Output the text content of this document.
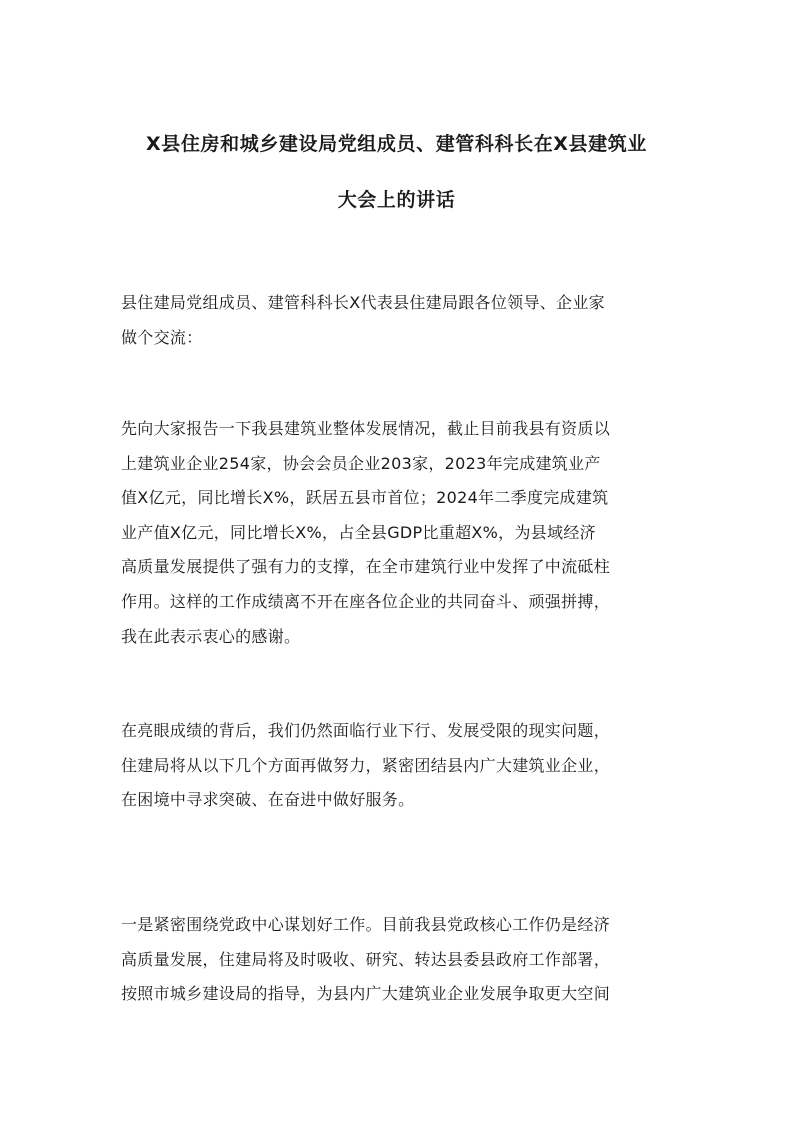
X县住房和城乡建设局党组成员、建管科科长在X县建筑业
大会上的讲话

县住建局党组成员、建管科科长X代表县住建局跟各位领导、企业家
做个交流：

先向大家报告一下我县建筑业整体发展情况，截止目前我县有资质以
上建筑业企业254家，协会会员企业203家，2023年完成建筑业产
值X亿元，同比增长X%，跃居五县市首位；2024年二季度完成建筑
业产值X亿元，同比增长X%，占全县GDP比重超X%，为县域经济
高质量发展提供了强有力的支撑，在全市建筑行业中发挥了中流砥柱
作用。这样的工作成绩离不开在座各位企业的共同奋斗、顽强拼搏，
我在此表示衷心的感谢。

在亮眼成绩的背后，我们仍然面临行业下行、发展受限的现实问题，
住建局将从以下几个方面再做努力，紧密团结县内广大建筑业企业，
在困境中寻求突破、在奋进中做好服务。

一是紧密围绕党政中心谋划好工作。目前我县党政核心工作仍是经济
高质量发展，住建局将及时吸收、研究、转达县委县政府工作部署，
按照市城乡建设局的指导，为县内广大建筑业企业发展争取更大空间
